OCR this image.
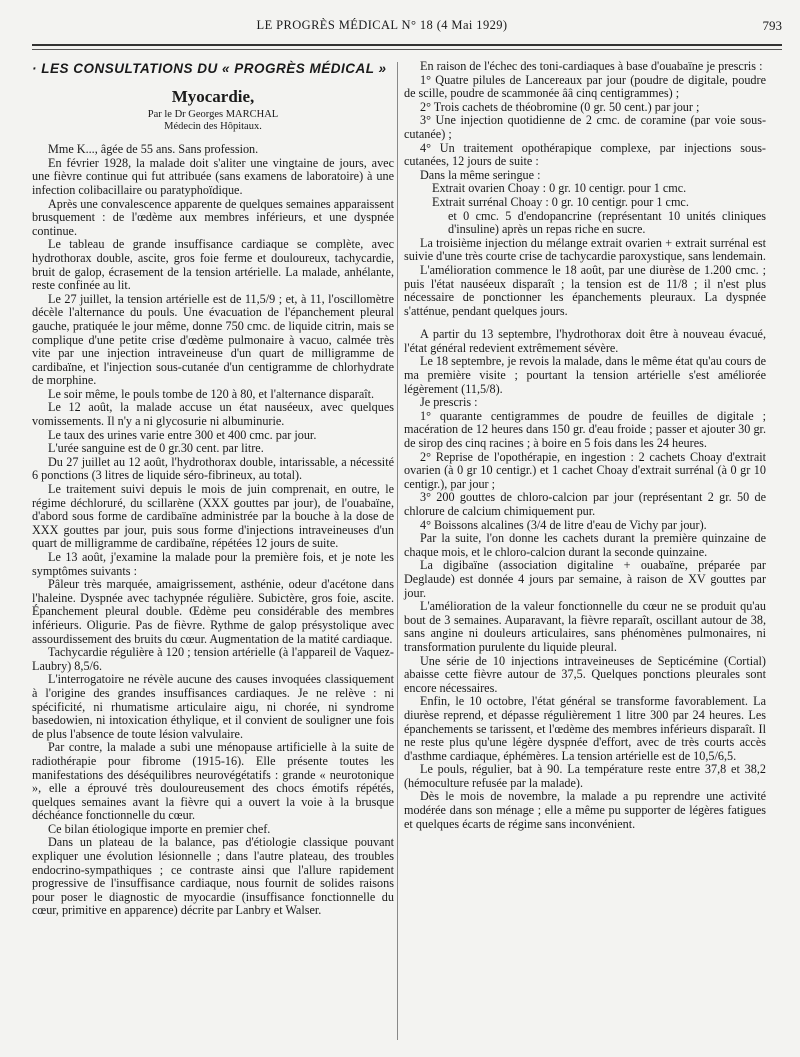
LE PROGRÈS MÉDICAL N° 18 (4 Mai 1929)	793
· LES CONSULTATIONS DU « PROGRÈS MÉDICAL »
Myocardie,
Par le Dr Georges MARCHAL
Médecin des Hôpitaux.

Mme K..., âgée de 55 ans. Sans profession.

En février 1928, la malade doit s'aliter une vingtaine de jours, avec une fièvre continue qui fut attribuée (sans examens de laboratoire) à une infection colibacillaire ou paratyphoïdique.

Après une convalescence apparente de quelques semaines apparaissent brusquement : de l'œdème aux membres inférieurs, et une dyspnée continue.

Le tableau de grande insuffisance cardiaque se complète, avec hydrothorax double, ascite, gros foie ferme et douloureux, tachycardie, bruit de galop, écrasement de la tension artérielle. La malade, anhélante, reste confinée au lit.

Le 27 juillet, la tension artérielle est de 11,5/9 ; et, à 11, l'oscillomètre décèle l'alternance du pouls. Une évacuation de l'épanchement pleural gauche, pratiquée le jour même, donne 750 cmc. de liquide citrin, mais se complique d'une petite crise d'œdème pulmonaire à vacuo, calmée très vite par une injection intraveineuse d'un quart de milligramme de cardibaïne, et l'injection sous-cutanée d'un centigramme de chlorhydrate de morphine.

Le soir même, le pouls tombe de 120 à 80, et l'alternance disparaît.

Le 12 août, la malade accuse un état nauséeux, avec quelques vomissements. Il n'y a ni glycosurie ni albuminurie.

Le taux des urines varie entre 300 et 400 cmc. par jour.

L'urée sanguine est de 0 gr.30 cent. par litre.

Du 27 juillet au 12 août, l'hydrothorax double, intarissable, a nécessité 6 ponctions (3 litres de liquide séro-fibrineux, au total).

Le traitement suivi depuis le mois de juin comprenait, en outre, le régime déchloruré, du scillarène (XXX gouttes par jour), de l'ouabaïne, d'abord sous forme de cardibaïne administrée par la bouche à la dose de XXX gouttes par jour, puis sous forme d'injections intraveineuses d'un quart de milligramme de cardibaïne, répétées 12 jours de suite.

Le 13 août, j'examine la malade pour la première fois, et je note les symptômes suivants :

Pâleur très marquée, amaigrissement, asthénie, odeur d'acétone dans l'haleine. Dyspnée avec tachypnée régulière. Subictère, gros foie, ascite. Épanchement pleural double. Œdème peu considérable des membres inférieurs. Oligurie. Pas de fièvre. Rythme de galop présystolique avec assourdissement des bruits du cœur. Augmentation de la matité cardiaque.

Tachycardie régulière à 120 ; tension artérielle (à l'appareil de Vaquez-Laubry) 8,5/6.

L'interrogatoire ne révèle aucune des causes invoquées classiquement à l'origine des grandes insuffisances cardiaques. Je ne relève : ni spécificité, ni rhumatisme articulaire aigu, ni chorée, ni syndrome basedowien, ni intoxication éthylique, et il convient de souligner une fois de plus l'absence de toute lésion valvulaire.

Par contre, la malade a subi une ménopause artificielle à la suite de radiothérapie pour fibrome (1915-16). Elle présente toutes les manifestations des déséquilibres neurovégétatifs : grande « neurotonique », elle a éprouvé très douloureusement des chocs émotifs répétés, quelques semaines avant la fièvre qui a ouvert la voie à la brusque déchéance fonctionnelle du cœur.

Ce bilan étiologique importe en premier chef.

Dans un plateau de la balance, pas d'étiologie classique pouvant expliquer une évolution lésionnelle ; dans l'autre plateau, des troubles endocrino-sympathiques ; ce contraste ainsi que l'allure rapidement progressive de l'insuffisance cardiaque, nous fournit de solides raisons pour poser le diagnostic de myocardie (insuffisance fonctionnelle du cœur, primitive en apparence) décrite par Lanbry et Walser.

En raison de l'échec des toni-cardiaques à base d'ouabaïne je prescris :

1° Quatre pilules de Lancereaux par jour (poudre de digitale, poudre de scille, poudre de scammonée ââ cinq centigrammes) ;

2° Trois cachets de théobromine (0 gr. 50 cent.) par jour ;

3° Une injection quotidienne de 2 cmc. de coramine (par voie sous-cutanée) ;

4° Un traitement opothérapique complexe, par injections sous-cutanées, 12 jours de suite :

Dans la même seringue :

Extrait ovarien Choay : 0 gr. 10 centigr. pour 1 cmc.

Extrait surrénal Choay : 0 gr. 10 centigr. pour 1 cmc.

et 0 cmc. 5 d'endopancrine (représentant 10 unités cliniques d'insuline) après un repas riche en sucre.

La troisième injection du mélange extrait ovarien + extrait surrénal est suivie d'une très courte crise de tachycardie paroxystique, sans lendemain.

L'amélioration commence le 18 août, par une diurèse de 1.200 cmc. ; puis l'état nauséeux disparaît ; la tension est de 11/8 ; il n'est plus nécessaire de ponctionner les épanchements pleuraux. La dyspnée s'atténue, pendant quelques jours.

A partir du 13 septembre, l'hydrothorax doit être à nouveau évacué, l'état général redevient extrêmement sévère.

Le 18 septembre, je revois la malade, dans le même état qu'au cours de ma première visite ; pourtant la tension artérielle s'est améliorée légèrement (11,5/8).

Je prescris :

1° quarante centigrammes de poudre de feuilles de digitale ; macération de 12 heures dans 150 gr. d'eau froide ; passer et ajouter 30 gr. de sirop des cinq racines ; à boire en 5 fois dans les 24 heures.

2° Reprise de l'opothérapie, en ingestion : 2 cachets Choay d'extrait ovarien (à 0 gr 10 centigr.) et 1 cachet Choay d'extrait surrénal (à 0 gr 10 centigr.), par jour ;

3° 200 gouttes de chloro-calcion par jour (représentant 2 gr. 50 de chlorure de calcium chimiquement pur.

4° Boissons alcalines (3/4 de litre d'eau de Vichy par jour).

Par la suite, l'on donne les cachets durant la première quinzaine de chaque mois, et le chloro-calcion durant la seconde quinzaine.

La digibaïne (association digitaline + ouabaïne, préparée par Deglaude) est donnée 4 jours par semaine, à raison de XV gouttes par jour.

L'amélioration de la valeur fonctionnelle du cœur ne se produit qu'au bout de 3 semaines. Auparavant, la fièvre reparaît, oscillant autour de 38, sans angine ni douleurs articulaires, sans phénomènes pulmonaires, ni transformation purulente du liquide pleural.

Une série de 10 injections intraveineuses de Septicémine (Cortial) abaisse cette fièvre autour de 37,5. Quelques ponctions pleurales sont encore nécessaires.

Enfin, le 10 octobre, l'état général se transforme favorablement. La diurèse reprend, et dépasse régulièrement 1 litre 300 par 24 heures. Les épanchements se tarissent, et l'œdème des membres inférieurs disparaît. Il ne reste plus qu'une légère dyspnée d'effort, avec de très courts accès d'asthme cardiaque, éphémères. La tension artérielle est de 10,5/6,5.

Le pouls, régulier, bat à 90. La température reste entre 37,8 et 38,2 (hémoculture refusée par la malade).

Dès le mois de novembre, la malade a pu reprendre une activité modérée dans son ménage ; elle a même pu supporter de légères fatigues et quelques écarts de régime sans inconvénient.
